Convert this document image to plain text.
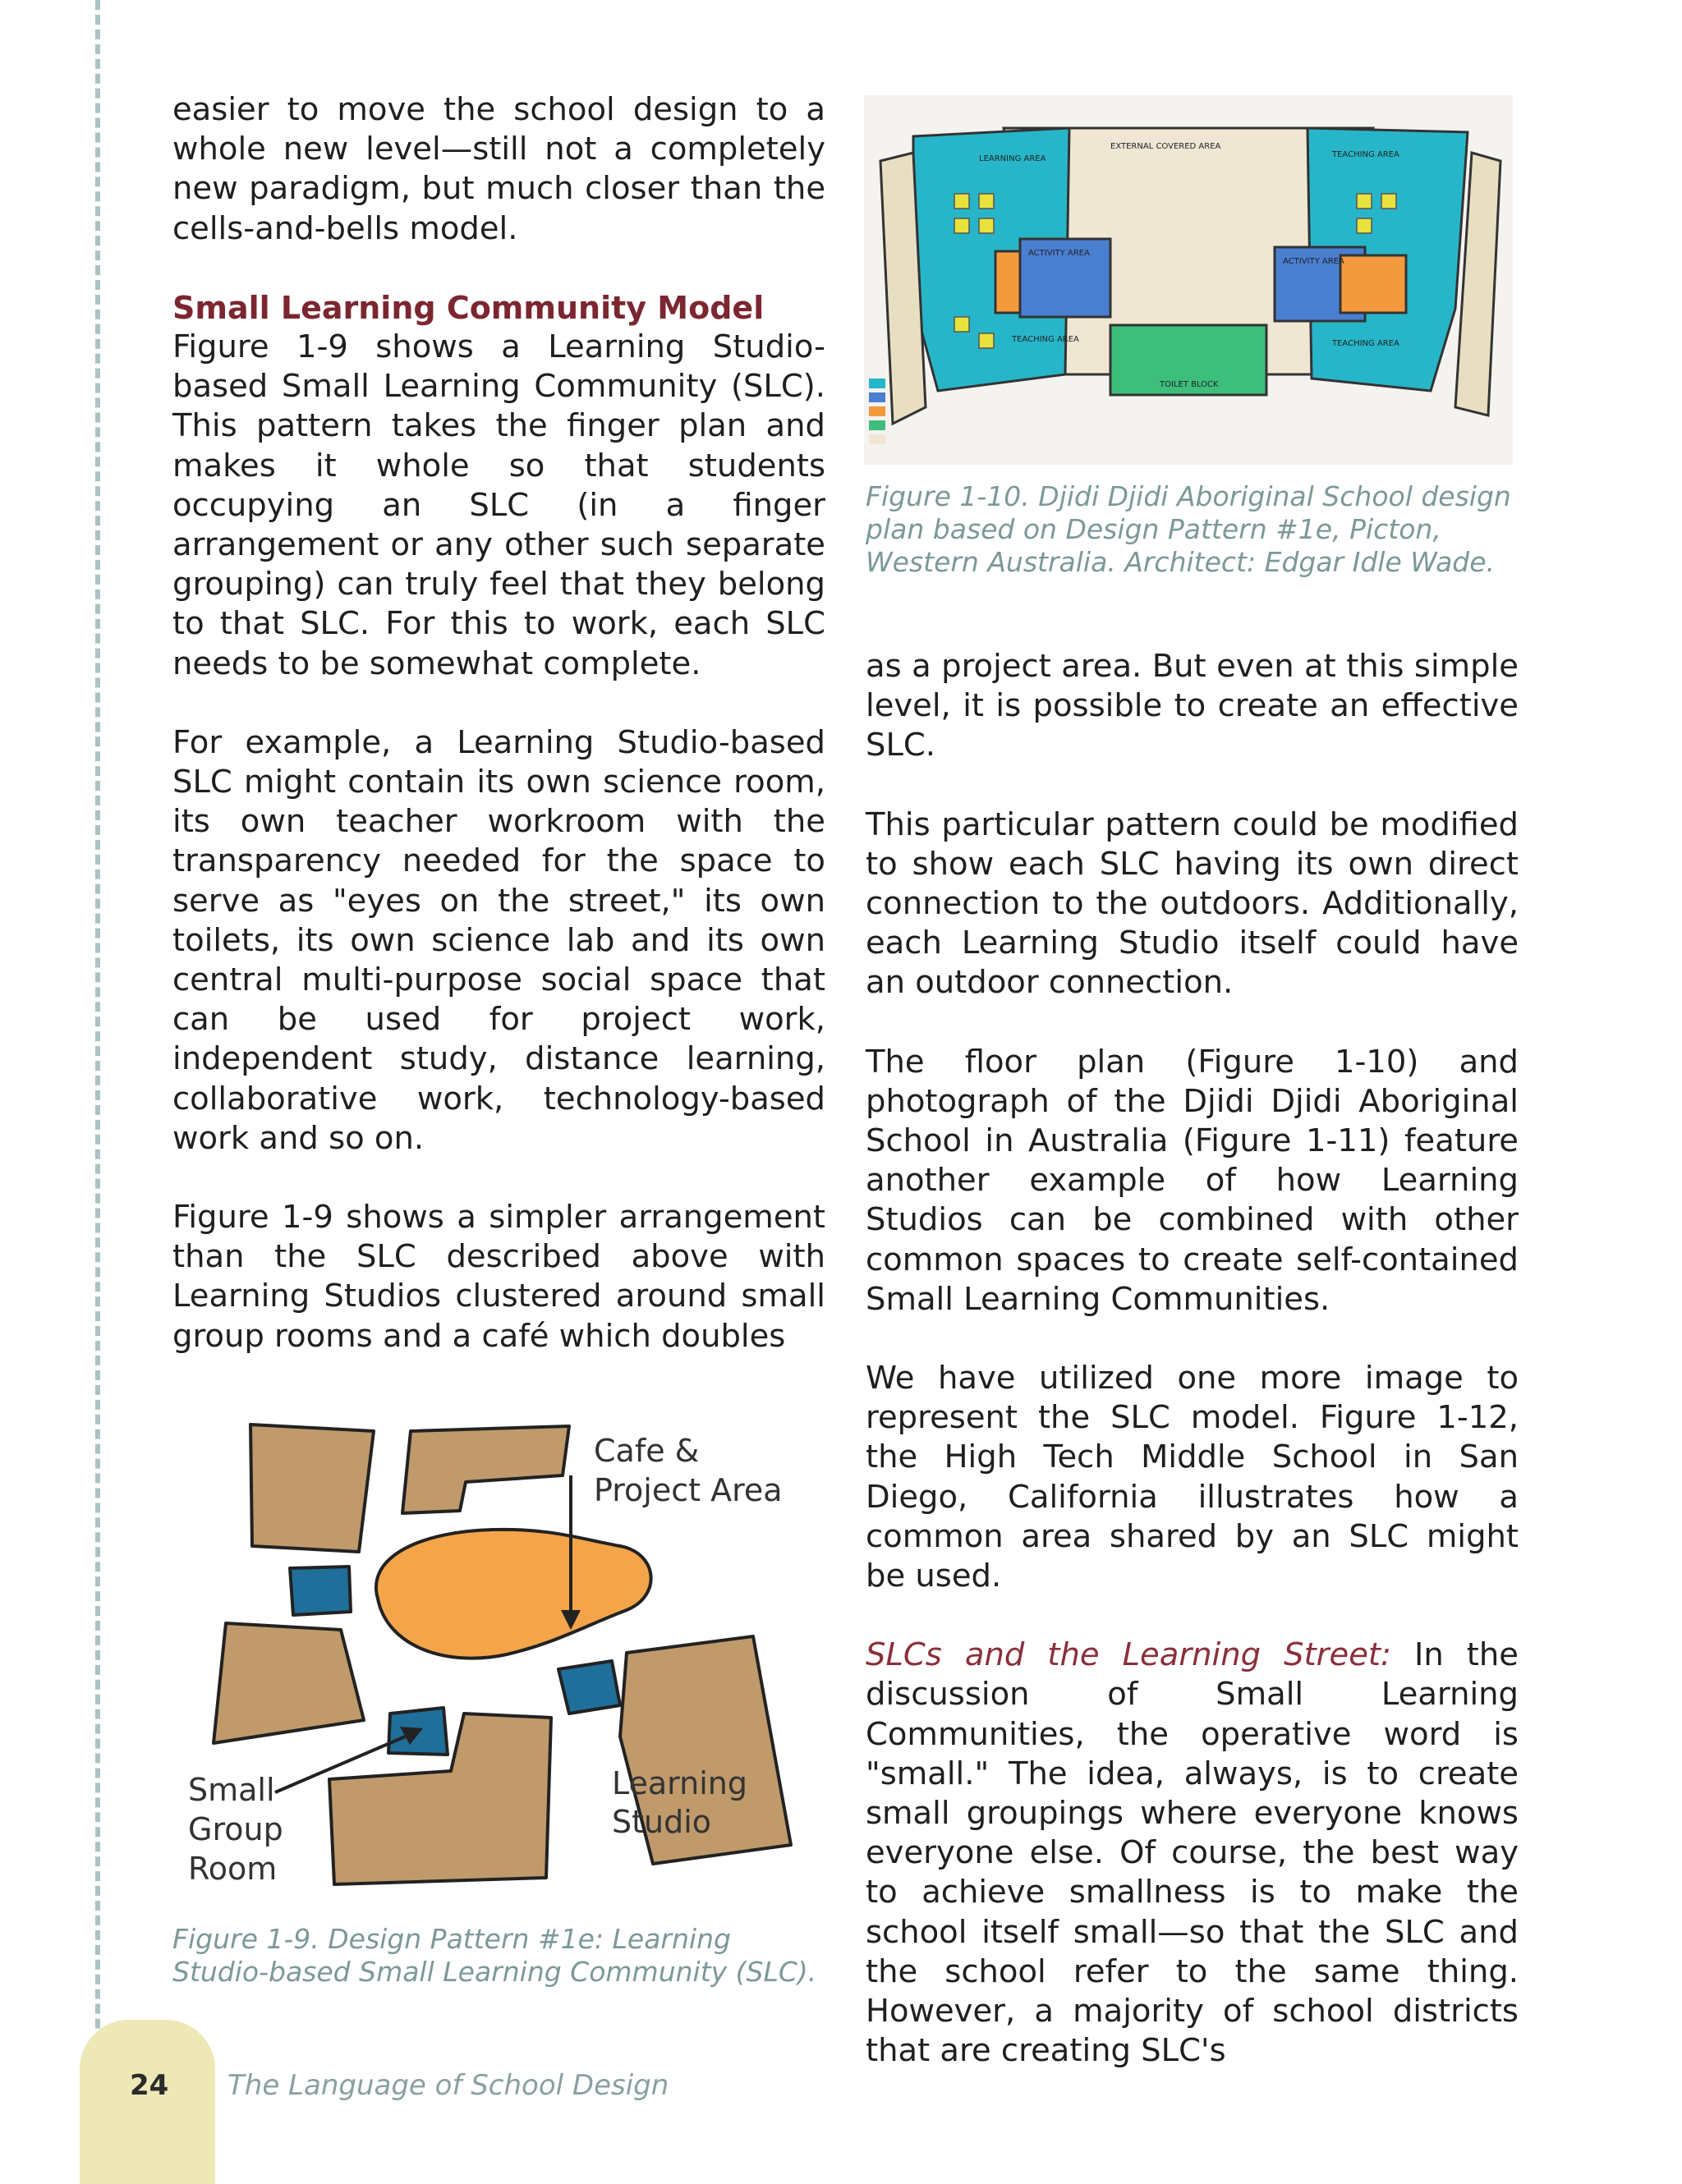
easier to move the school design to a whole new level—still not a completely new paradigm, but much closer than the cells-and-bells model.

Small Learning Community Model

Figure 1-9 shows a Learning Studio-based Small Learning Community (SLC). This pattern takes the finger plan and makes it whole so that students occupying an SLC (in a finger arrangement or any other such separate grouping) can truly feel that they belong to that SLC. For this to work, each SLC needs to be somewhat complete.

For example, a Learning Studio-based SLC might contain its own science room, its own teacher workroom with the transparency needed for the space to serve as "eyes on the street," its own toilets, its own science lab and its own central multi-purpose social space that can be used for project work, independent study, distance learning, collaborative work, technology-based work and so on.

Figure 1-9 shows a simpler arrangement than the SLC described above with Learning Studios clustered around small group rooms and a café which doubles

Cafe &
Project Area
Learning
Studio
Small
Group
Room

Figure 1-9. Design Pattern #1e: Learning Studio-based Small Learning Community (SLC).

EXTERNAL COVERED AREA
LEARNING AREA	TEACHING AREA
ACTIVITY AREA
ACTIVITY AREA
TEACHING AREA	TEACHING AREA
TOILET BLOCK

Figure 1-10. Djidi Djidi Aboriginal School design plan based on Design Pattern #1e, Picton, Western Australia. Architect: Edgar Idle Wade.

as a project area. But even at this simple level, it is possible to create an effective SLC.

This particular pattern could be modified to show each SLC having its own direct connection to the outdoors. Additionally, each Learning Studio itself could have an outdoor connection.

The floor plan (Figure 1-10) and photograph of the Djidi Djidi Aboriginal School in Australia (Figure 1-11) feature another example of how Learning Studios can be combined with other common spaces to create self-contained Small Learning Communities.

We have utilized one more image to represent the SLC model. Figure 1-12, the High Tech Middle School in San Diego, California illustrates how a common area shared by an SLC might be used.

SLCs and the Learning Street: In the discussion of Small Learning Communities, the operative word is "small." The idea, always, is to create small groupings where everyone knows everyone else. Of course, the best way to achieve smallness is to make the school itself small—so that the SLC and the school refer to the same thing. However, a majority of school districts that are creating SLC's

24 The Language of School Design
